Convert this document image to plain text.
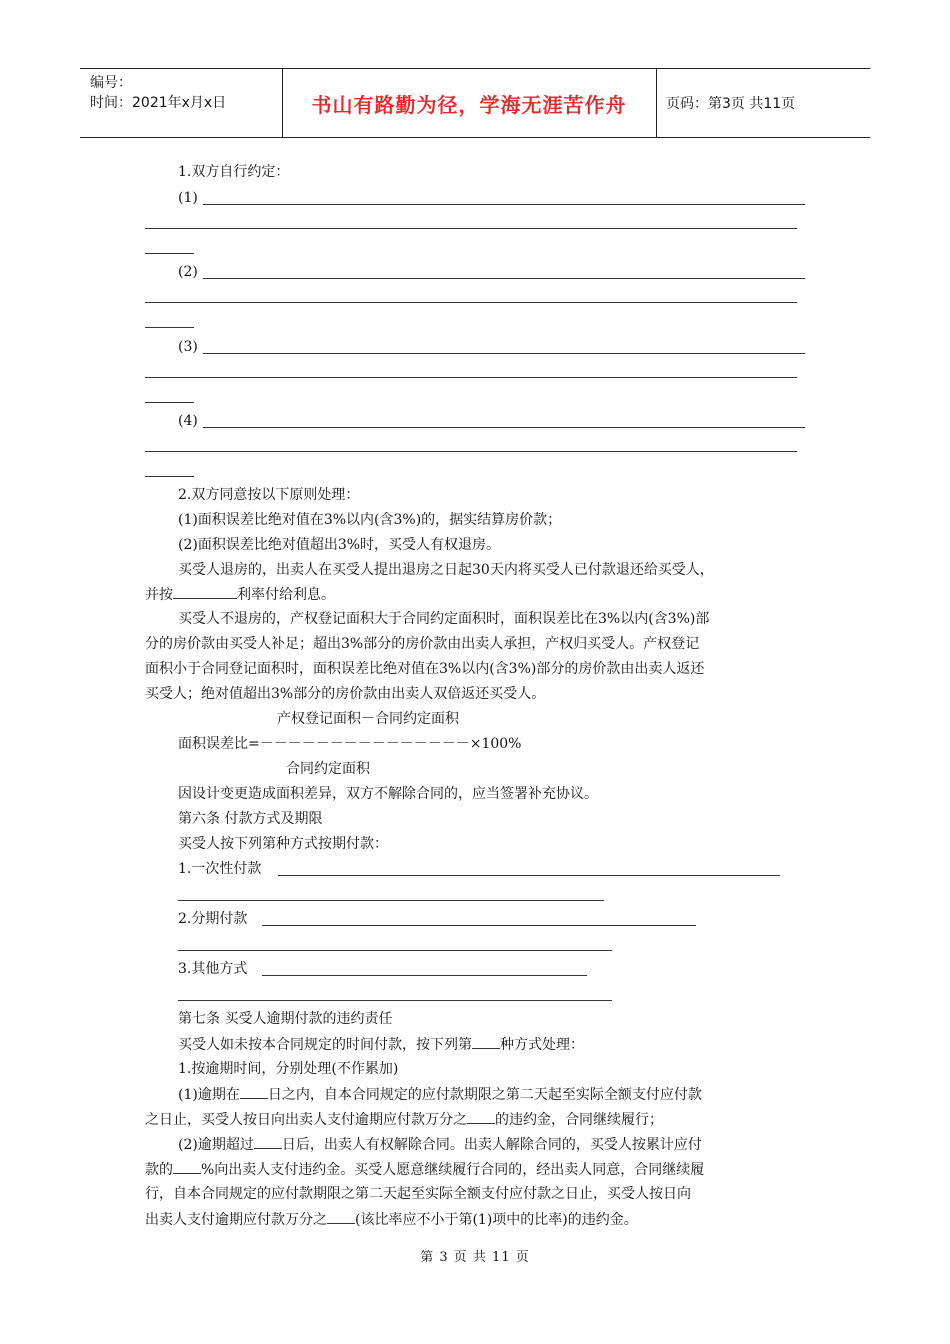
编号：
时间：2021年x月x日	书山有路勤为径，学海无涯苦作舟	页码：第3页 共11页
1.双方自行约定：
(1)
(2)
(3)
(4)
2.双方同意按以下原则处理：
(1)面积误差比绝对值在3%以内(含3%)的，据实结算房价款；
(2)面积误差比绝对值超出3%时，买受人有权退房。
买受人退房的，出卖人在买受人提出退房之日起30天内将买受人已付款退还给买受人，
并按	利率付给利息。
买受人不退房的，产权登记面积大于合同约定面积时，面积误差比在3%以内(含3%)部
分的房价款由买受人补足；超出3%部分的房价款由出卖人承担，产权归买受人。产权登记
面积小于合同登记面积时，面积误差比绝对值在3%以内(含3%)部分的房价款由出卖人返还
买受人；绝对值超出3%部分的房价款由出卖人双倍返还买受人。
产权登记面积－合同约定面积
面积误差比=－－－－－－－－－－－－－－－×100%
合同约定面积
因设计变更造成面积差异，双方不解除合同的，应当签署补充协议。
第六条 付款方式及期限
买受人按下列第种方式按期付款：
1.一次性付款
2.分期付款
3.其他方式
第七条 买受人逾期付款的违约责任
买受人如未按本合同规定的时间付款，按下列第 种方式处理：
1.按逾期时间，分别处理(不作累加)
(1)逾期在 日之内，自本合同规定的应付款期限之第二天起至实际全额支付应付款
之日止，买受人按日向出卖人支付逾期应付款万分之 的违约金，合同继续履行；
(2)逾期超过 日后，出卖人有权解除合同。出卖人解除合同的，买受人按累计应付
款的 %向出卖人支付违约金。买受人愿意继续履行合同的，经出卖人同意，合同继续履
行，自本合同规定的应付款期限之第二天起至实际全额支付应付款之日止，买受人按日向
出卖人支付逾期应付款万分之 (该比率应不小于第(1)项中的比率)的违约金。
第 3 页 共 11 页
